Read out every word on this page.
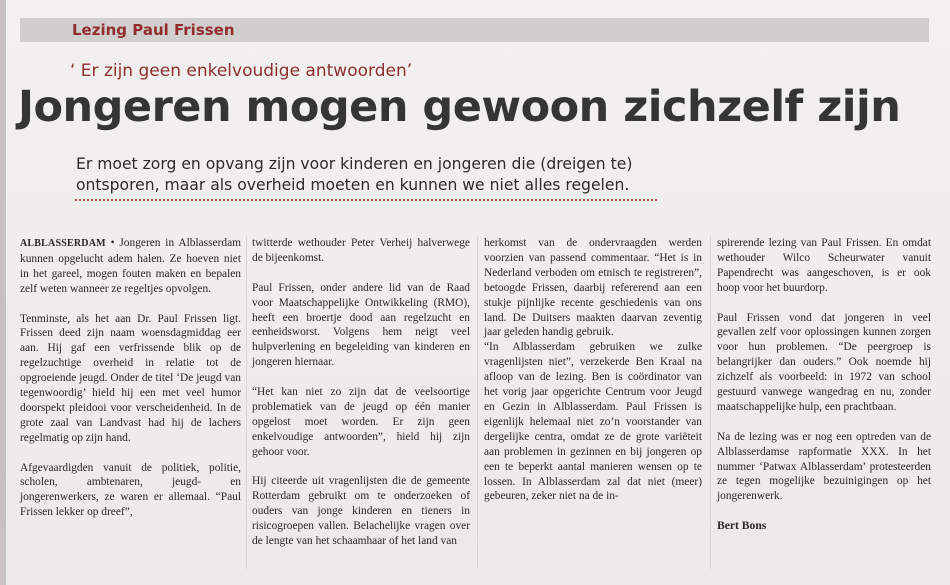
Lezing Paul Frissen
‘ Er zijn geen enkelvoudige antwoorden’
Jongeren mogen gewoon zichzelf zijn
Er moet zorg en opvang zijn voor kinderen en jongeren die (dreigen te) ontsporen, maar als overheid moeten en kunnen we niet alles regelen.

ALBLASSERDAM • Jongeren in Alblasserdam kunnen opgelucht adem halen. Ze hoeven niet in het gareel, mogen fouten maken en bepalen zelf weten wanneer ze regeltjes opvolgen.

Tenminste, als het aan Dr. Paul Frissen ligt. Frissen deed zijn naam woensdagmiddag eer aan. Hij gaf een verfrissende blik op de regelzuchtige overheid in relatie tot de opgroeiende jeugd. Onder de titel ‘De jeugd van tegenwoordig’ hield hij een met veel humor doorspekt pleidooi voor verscheidenheid. In de grote zaal van Landvast had hij de lachers regelmatig op zijn hand.

Afgevaardigden vanuit de politiek, politie, scholen, ambtenaren, jeugd- en jongerenwerkers, ze waren er allemaal. “Paul Frissen lekker op dreef”,

twitterde wethouder Peter Verheij halverwege de bijeenkomst.

Paul Frissen, onder andere lid van de Raad voor Maatschappelijke Ontwikkeling (RMO), heeft een broertje dood aan regelzucht en eenheidsworst. Volgens hem neigt veel hulpverlening en begeleiding van kinderen en jongeren hiernaar.

“Het kan niet zo zijn dat de veelsoortige problematiek van de jeugd op één manier opgelost moet worden. Er zijn geen enkelvoudige antwoorden”, hield hij zijn gehoor voor.

Hij citeerde uit vragenlijsten die de gemeente Rotterdam gebruikt om te onderzoeken of ouders van jonge kinderen en tieners in risicogroepen vallen. Belachelijke vragen over de lengte van het schaamhaar of het land van

herkomst van de ondervraagden werden voorzien van passend commentaar. “Het is in Nederland verboden om etnisch te registreren”, betoogde Frissen, daarbij refererend aan een stukje pijnlijke recente geschiedenis van ons land. De Duitsers maakten daarvan zeventig jaar geleden handig gebruik.
“In Alblasserdam gebruiken we zulke vragenlijsten niet”, verzekerde Ben Kraal na afloop van de lezing. Ben is coördinator van het vorig jaar opgerichte Centrum voor Jeugd en Gezin in Alblasserdam. Paul Frissen is eigenlijk helemaal niet zo’n voorstander van dergelijke centra, omdat ze de grote variëteit aan problemen in gezinnen en bij jongeren op een te beperkt aantal manieren wensen op te lossen. In Alblasserdam zal dat niet (meer) gebeuren, zeker niet na de in-

spirerende lezing van Paul Frissen. En omdat wethouder Wilco Scheurwater vanuit Papendrecht was aangeschoven, is er ook hoop voor het buurdorp.

Paul Frissen vond dat jongeren in veel gevallen zelf voor oplossingen kunnen zorgen voor hun problemen. “De peergroep is belangrijker dan ouders.” Ook noemde hij zichzelf als voorbeeld: in 1972 van school gestuurd vanwege wangedrag en nu, zonder maatschappelijke hulp, een prachtbaan.

Na de lezing was er nog een optreden van de Alblasserdamse rapformatie XXX. In het nummer ‘Patwax Alblasserdam’ protesteerden ze tegen mogelijke bezuinigingen op het jongerenwerk.

Bert Bons
